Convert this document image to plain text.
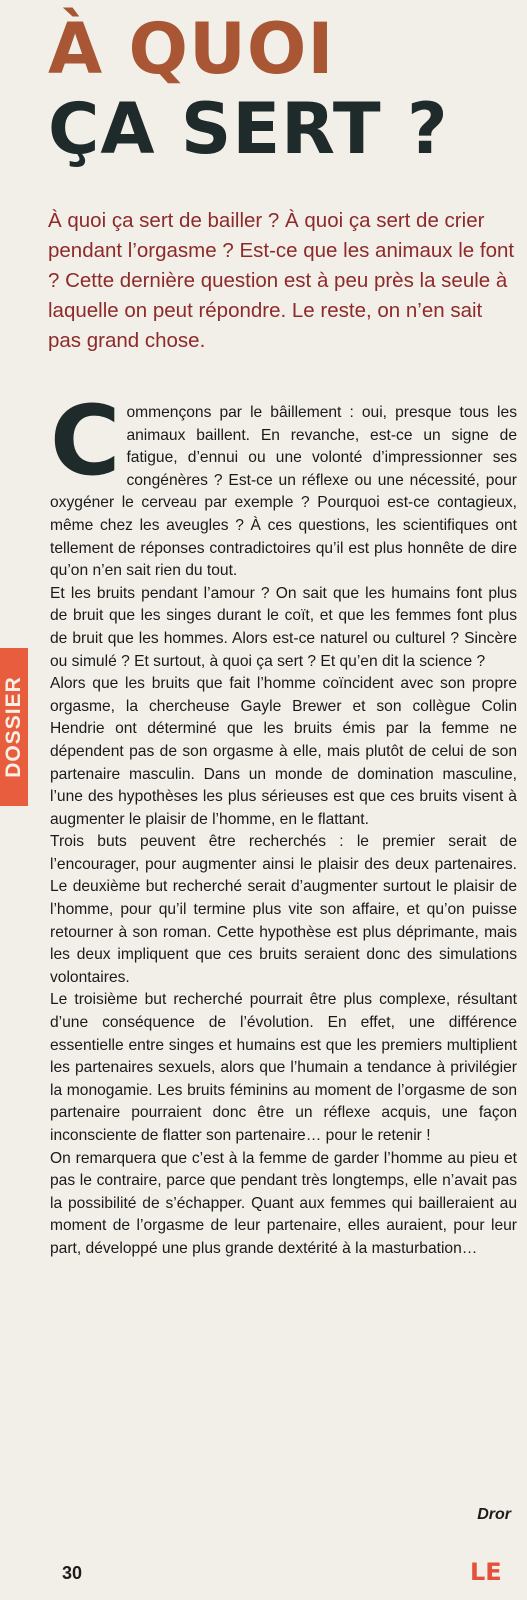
À QUOI
ÇA SERT ?
À quoi ça sert de bailler ? À quoi ça sert de crier pendant l’orgasme ? Est-ce que les animaux le font ? Cette dernière question est à peu près la seule à laquelle on peut répondre. Le reste, on n’en sait pas grand chose.

Commençons par le bâillement : oui, presque tous les animaux baillent. En revanche, est-ce un signe de fatigue, d’ennui ou une volonté d’impressionner ses congénères ? Est-ce un réflexe ou une nécessité, pour oxygéner le cerveau par exemple ? Pourquoi est-ce contagieux, même chez les aveugles ? À ces questions, les scientifiques ont tellement de réponses contradictoires qu’il est plus honnête de dire qu’on n’en sait rien du tout.

Et les bruits pendant l’amour ? On sait que les humains font plus de bruit que les singes durant le coït, et que les femmes font plus de bruit que les hommes. Alors est-ce naturel ou culturel ? Sincère ou simulé ? Et surtout, à quoi ça sert ? Et qu’en dit la science ?

Alors que les bruits que fait l’homme coïncident avec son propre orgasme, la chercheuse Gayle Brewer et son collègue Colin Hendrie ont déterminé que les bruits émis par la femme ne dépendent pas de son orgasme à elle, mais plutôt de celui de son partenaire masculin. Dans un monde de domination masculine, l’une des hypothèses les plus sérieuses est que ces bruits visent à augmenter le plaisir de l’homme, en le flattant.

Trois buts peuvent être recherchés : le premier serait de l’encourager, pour augmenter ainsi le plaisir des deux partenaires. Le deuxième but recherché serait d’augmenter surtout le plaisir de l’homme, pour qu’il termine plus vite son affaire, et qu’on puisse retourner à son roman. Cette hypothèse est plus déprimante, mais les deux impliquent que ces bruits seraient donc des simulations volontaires.

Le troisième but recherché pourrait être plus complexe, résultant d’une conséquence de l’évolution. En effet, une différence essentielle entre singes et humains est que les premiers multiplient les partenaires sexuels, alors que l’humain a tendance à privilégier la monogamie. Les bruits féminins au moment de l’orgasme de son partenaire pourraient donc être un réflexe acquis, une façon inconsciente de flatter son partenaire… pour le retenir !

On remarquera que c’est à la femme de garder l’homme au pieu et pas le contraire, parce que pendant très longtemps, elle n’avait pas la possibilité de s’échapper. Quant aux femmes qui bailleraient au moment de l’orgasme de leur partenaire, elles auraient, pour leur part, développé une plus grande dextérité à la masturbation…

DOSSIER
Dror
30	LE
